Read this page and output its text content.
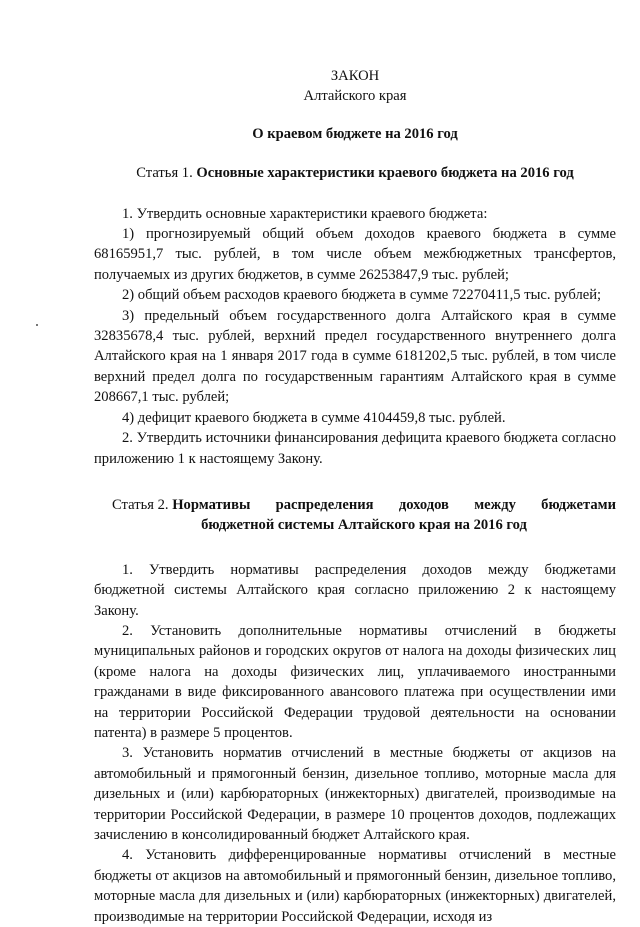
ЗАКОН
Алтайского края
О краевом бюджете на 2016 год
Статья 1. Основные характеристики краевого бюджета на 2016 год

1. Утвердить основные характеристики краевого бюджета:

1) прогнозируемый общий объем доходов краевого бюджета в сумме 68165951,7 тыс. рублей, в том числе объем межбюджетных трансфертов, получаемых из других бюджетов, в сумме 26253847,9 тыс. рублей;

2) общий объем расходов краевого бюджета в сумме 72270411,5 тыс. рублей;

3) предельный объем государственного долга Алтайского края в сумме 32835678,4 тыс. рублей, верхний предел государственного внутреннего долга Алтайского края на 1 января 2017 года в сумме 6181202,5 тыс. рублей, в том числе верхний предел долга по государственным гарантиям Алтайского края в сумме 208667,1 тыс. рублей;

4) дефицит краевого бюджета в сумме 4104459,8 тыс. рублей.

2. Утвердить источники финансирования дефицита краевого бюджета согласно приложению 1 к настоящему Закону.

Статья 2. Нормативы распределения доходов между бюджетами
бюджетной системы Алтайского края на 2016 год

1. Утвердить нормативы распределения доходов между бюджетами бюджетной системы Алтайского края согласно приложению 2 к настоящему Закону.

2. Установить дополнительные нормативы отчислений в бюджеты муниципальных районов и городских округов от налога на доходы физических лиц (кроме налога на доходы физических лиц, уплачиваемого иностранными гражданами в виде фиксированного авансового платежа при осуществлении ими на территории Российской Федерации трудовой деятельности на основании патента) в размере 5 процентов.

3. Установить норматив отчислений в местные бюджеты от акцизов на автомобильный и прямогонный бензин, дизельное топливо, моторные масла для дизельных и (или) карбюраторных (инжекторных) двигателей, производимые на территории Российской Федерации, в размере 10 процентов доходов, подлежащих зачислению в консолидированный бюджет Алтайского края.

4. Установить дифференцированные нормативы отчислений в местные бюджеты от акцизов на автомобильный и прямогонный бензин, дизельное топливо, моторные масла для дизельных и (или) карбюраторных (инжекторных) двигателей, производимые на территории Российской Федерации, исходя из
